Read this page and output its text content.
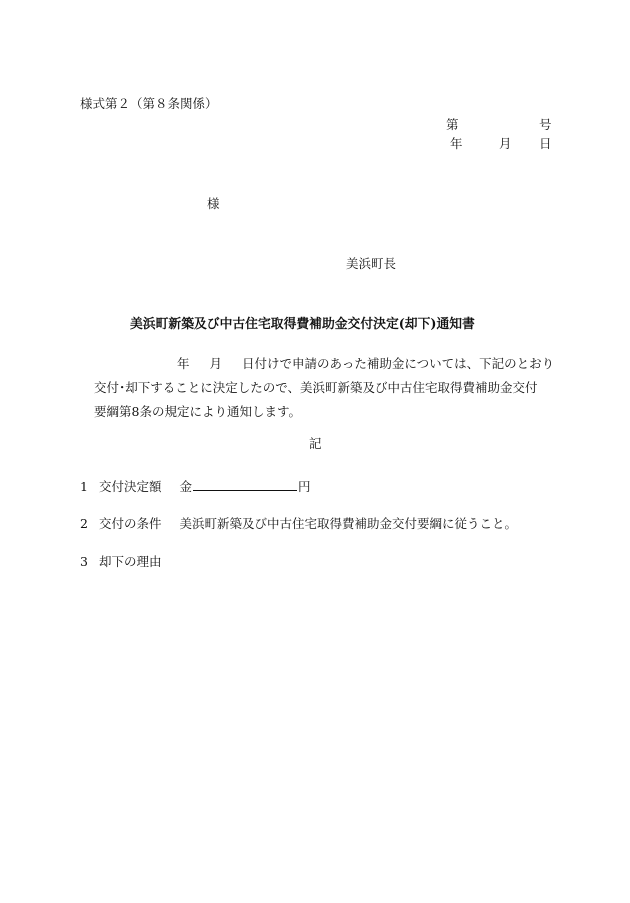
様式第２（第８条関係）
第	号
年	月 日
様
美浜町長
美浜町新築及び中古住宅取得費補助金交付決定(却下)通知書
年 月 日付けで申請のあった補助金については、下記のとおり
交付･却下することに決定したので、美浜町新築及び中古住宅取得費補助金交付
要綱第8条の規定により通知します。
記
1 交付決定額 金	円
2 交付の条件 美浜町新築及び中古住宅取得費補助金交付要綱に従うこと。
3 却下の理由
